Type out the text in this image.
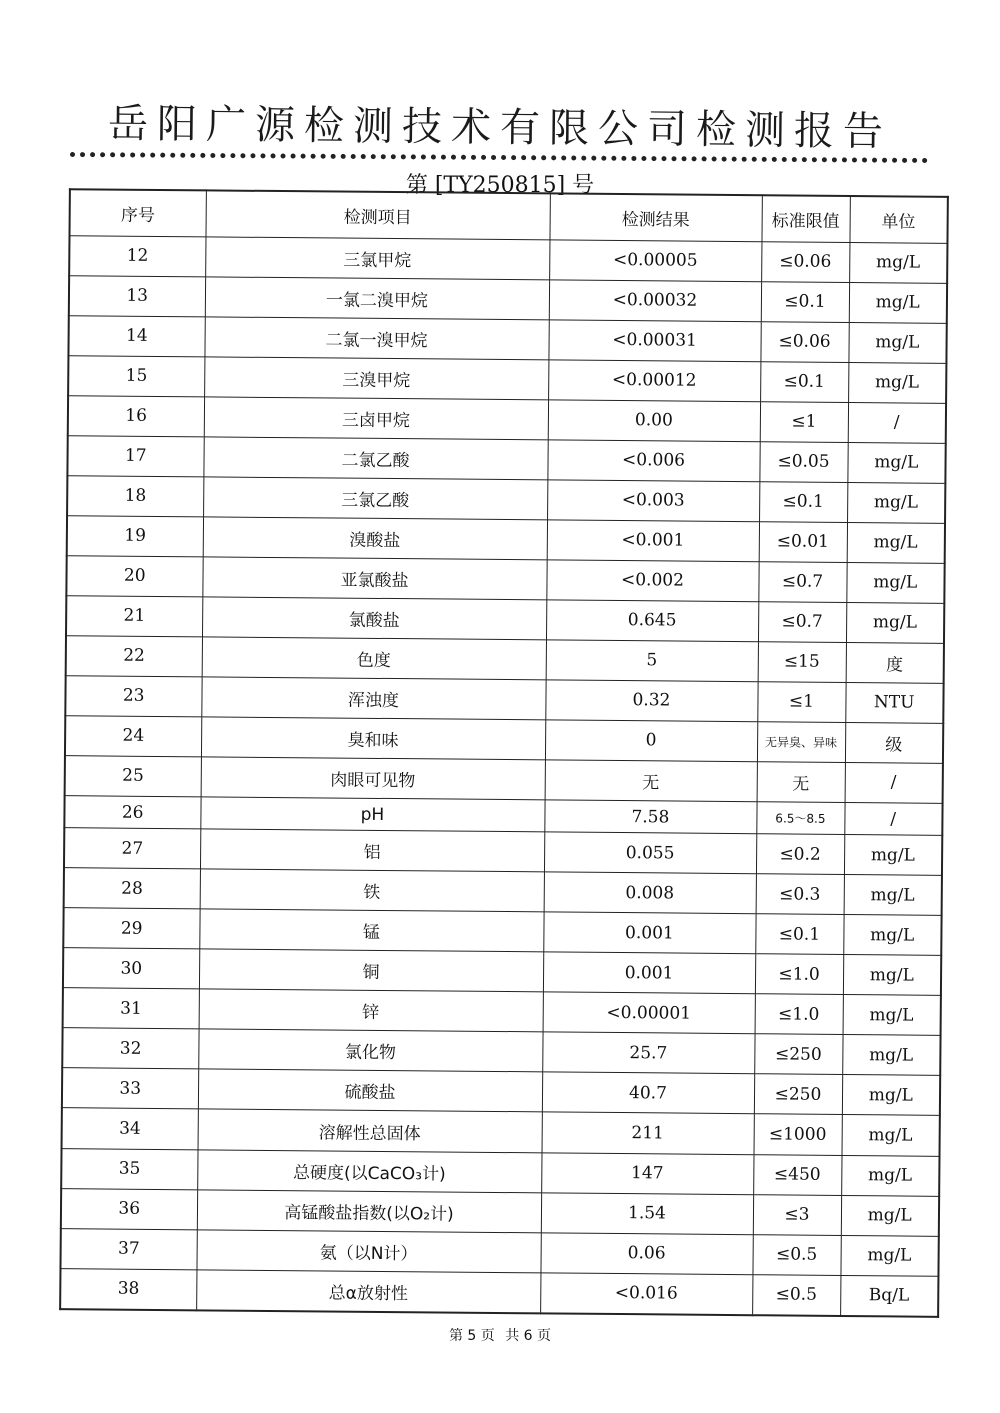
岳阳广源检测技术有限公司检测报告
第 [TY250815] 号
序号	检测项目	检测结果	标准限值	单位
12	三氯甲烷	<0.00005	≤0.06	mg/L
13	一氯二溴甲烷	<0.00032	≤0.1	mg/L
14	二氯一溴甲烷	<0.00031	≤0.06	mg/L
15	三溴甲烷	<0.00012	≤0.1	mg/L
16	三卤甲烷	0.00	≤1	/
17	二氯乙酸	<0.006	≤0.05	mg/L
18	三氯乙酸	<0.003	≤0.1	mg/L
19	溴酸盐	<0.001	≤0.01	mg/L
20	亚氯酸盐	<0.002	≤0.7	mg/L
21	氯酸盐	0.645	≤0.7	mg/L
22	色度	5	≤15	度
23	浑浊度	0.32	≤1	NTU
24	臭和味	0	无异臭、异味	级
25	肉眼可见物	无	无	/
26	pH	7.58	6.5～8.5	/
27	铝	0.055	≤0.2	mg/L
28	铁	0.008	≤0.3	mg/L
29	锰	0.001	≤0.1	mg/L
30	铜	0.001	≤1.0	mg/L
31	锌	<0.00001	≤1.0	mg/L
32	氯化物	25.7	≤250	mg/L
33	硫酸盐	40.7	≤250	mg/L
34	溶解性总固体	211	≤1000	mg/L
35	总硬度(以CaCO₃计)	147	≤450	mg/L
36	高锰酸盐指数(以O₂计)	1.54	≤3	mg/L
37	氨（以N计）	0.06	≤0.5	mg/L
38	总α放射性	<0.016	≤0.5	Bq/L
第 5 页 共 6 页
